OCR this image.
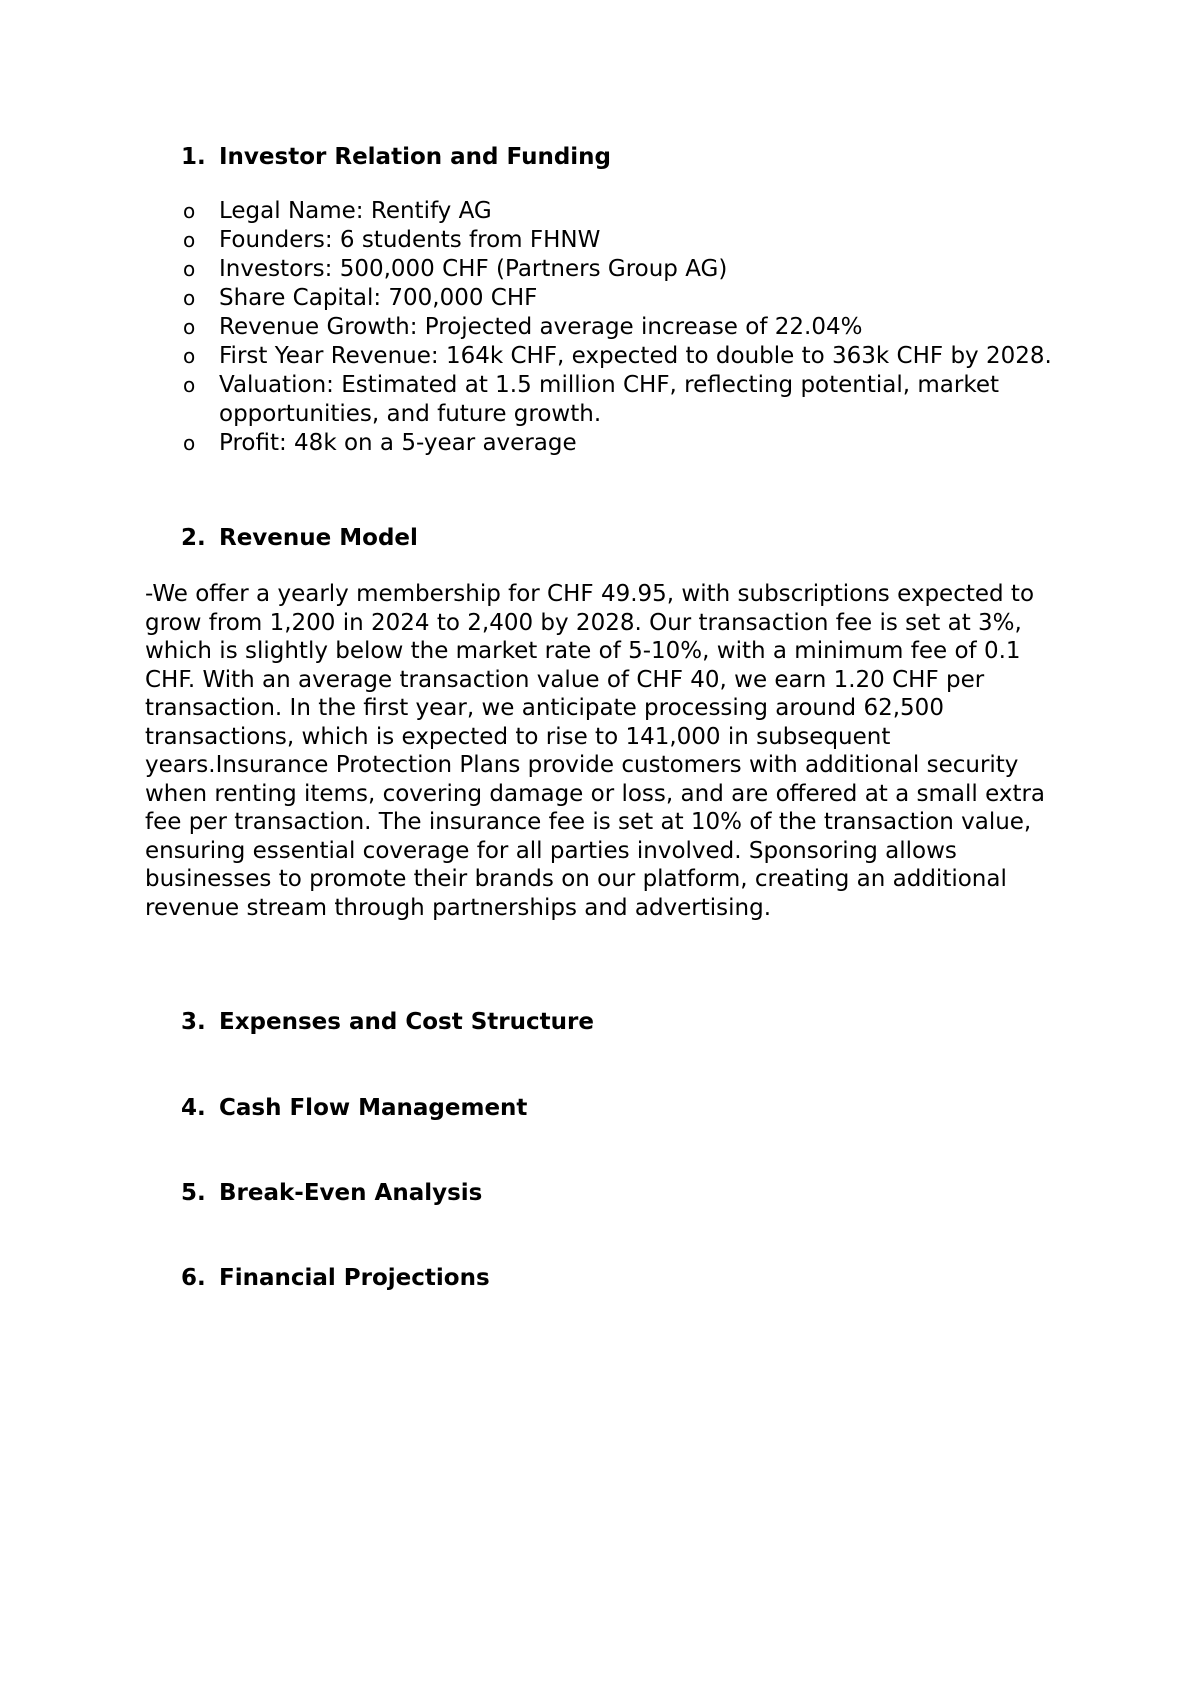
1. Investor Relation and Funding
o Legal Name: Rentify AG
o Founders: 6 students from FHNW
o Investors: 500,000 CHF (Partners Group AG)
o Share Capital: 700,000 CHF
o Revenue Growth: Projected average increase of 22.04%
o First Year Revenue: 164k CHF, expected to double to 363k CHF by 2028.
o Valuation: Estimated at 1.5 million CHF, reflecting potential, market opportunities, and future growth.
o Profit: 48k on a 5-year average
2. Revenue Model

-We offer a yearly membership for CHF 49.95, with subscriptions expected to grow from 1,200 in 2024 to 2,400 by 2028. Our transaction fee is set at 3%, which is slightly below the market rate of 5-10%, with a minimum fee of 0.1 CHF. With an average transaction value of CHF 40, we earn 1.20 CHF per transaction. In the first year, we anticipate processing around 62,500 transactions, which is expected to rise to 141,000 in subsequent years.Insurance Protection Plans provide customers with additional security when renting items, covering damage or loss, and are offered at a small extra fee per transaction. The insurance fee is set at 10% of the transaction value, ensuring essential coverage for all parties involved. Sponsoring allows businesses to promote their brands on our platform, creating an additional revenue stream through partnerships and advertising.

3. Expenses and Cost Structure
4. Cash Flow Management
5. Break-Even Analysis
6. Financial Projections
